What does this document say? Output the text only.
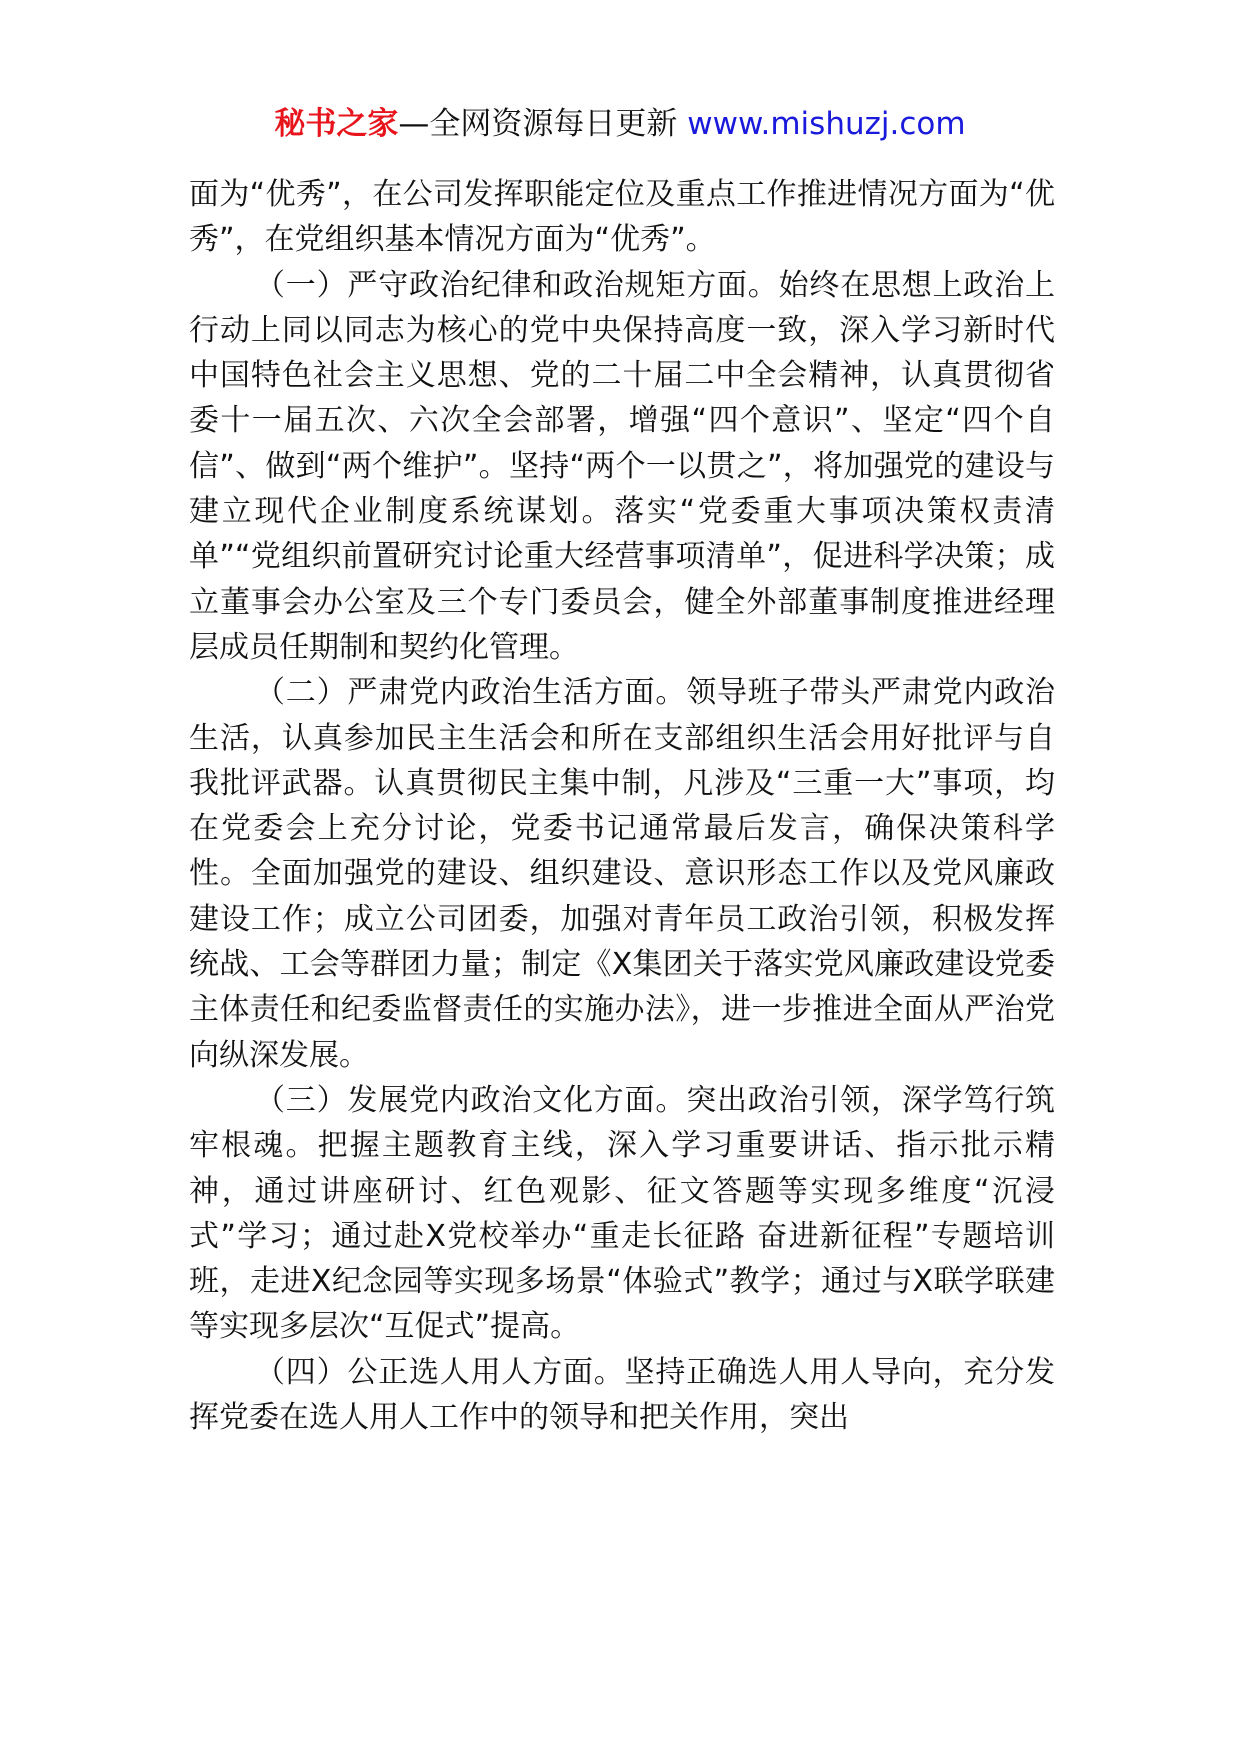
秘书之家—全网资源每日更新 www.mishuzj.com

面为“优秀”，在公司发挥职能定位及重点工作推进情况方面为“优秀”，在党组织基本情况方面为“优秀”。

（一）严守政治纪律和政治规矩方面。始终在思想上政治上行动上同以同志为核心的党中央保持高度一致，深入学习新时代中国特色社会主义思想、党的二十届二中全会精神，认真贯彻省委十一届五次、六次全会部署，增强“四个意识”、坚定“四个自信”、做到“两个维护”。坚持“两个一以贯之”，将加强党的建设与建立现代企业制度系统谋划。落实“党委重大事项决策权责清单”“党组织前置研究讨论重大经营事项清单”，促进科学决策；成立董事会办公室及三个专门委员会，健全外部董事制度推进经理层成员任期制和契约化管理。

（二）严肃党内政治生活方面。领导班子带头严肃党内政治生活，认真参加民主生活会和所在支部组织生活会用好批评与自我批评武器。认真贯彻民主集中制，凡涉及“三重一大”事项，均在党委会上充分讨论，党委书记通常最后发言，确保决策科学性。全面加强党的建设、组织建设、意识形态工作以及党风廉政建设工作；成立公司团委，加强对青年员工政治引领，积极发挥统战、工会等群团力量；制定《X集团关于落实党风廉政建设党委主体责任和纪委监督责任的实施办法》，进一步推进全面从严治党向纵深发展。

（三）发展党内政治文化方面。突出政治引领，深学笃行筑牢根魂。把握主题教育主线，深入学习重要讲话、指示批示精神，通过讲座研讨、红色观影、征文答题等实现多维度“沉浸式”学习；通过赴X党校举办“重走长征路 奋进新征程”专题培训班，走进X纪念园等实现多场景“体验式”教学；通过与X联学联建等实现多层次“互促式”提高。

（四）公正选人用人方面。坚持正确选人用人导向，充分发挥党委在选人用人工作中的领导和把关作用，突出
